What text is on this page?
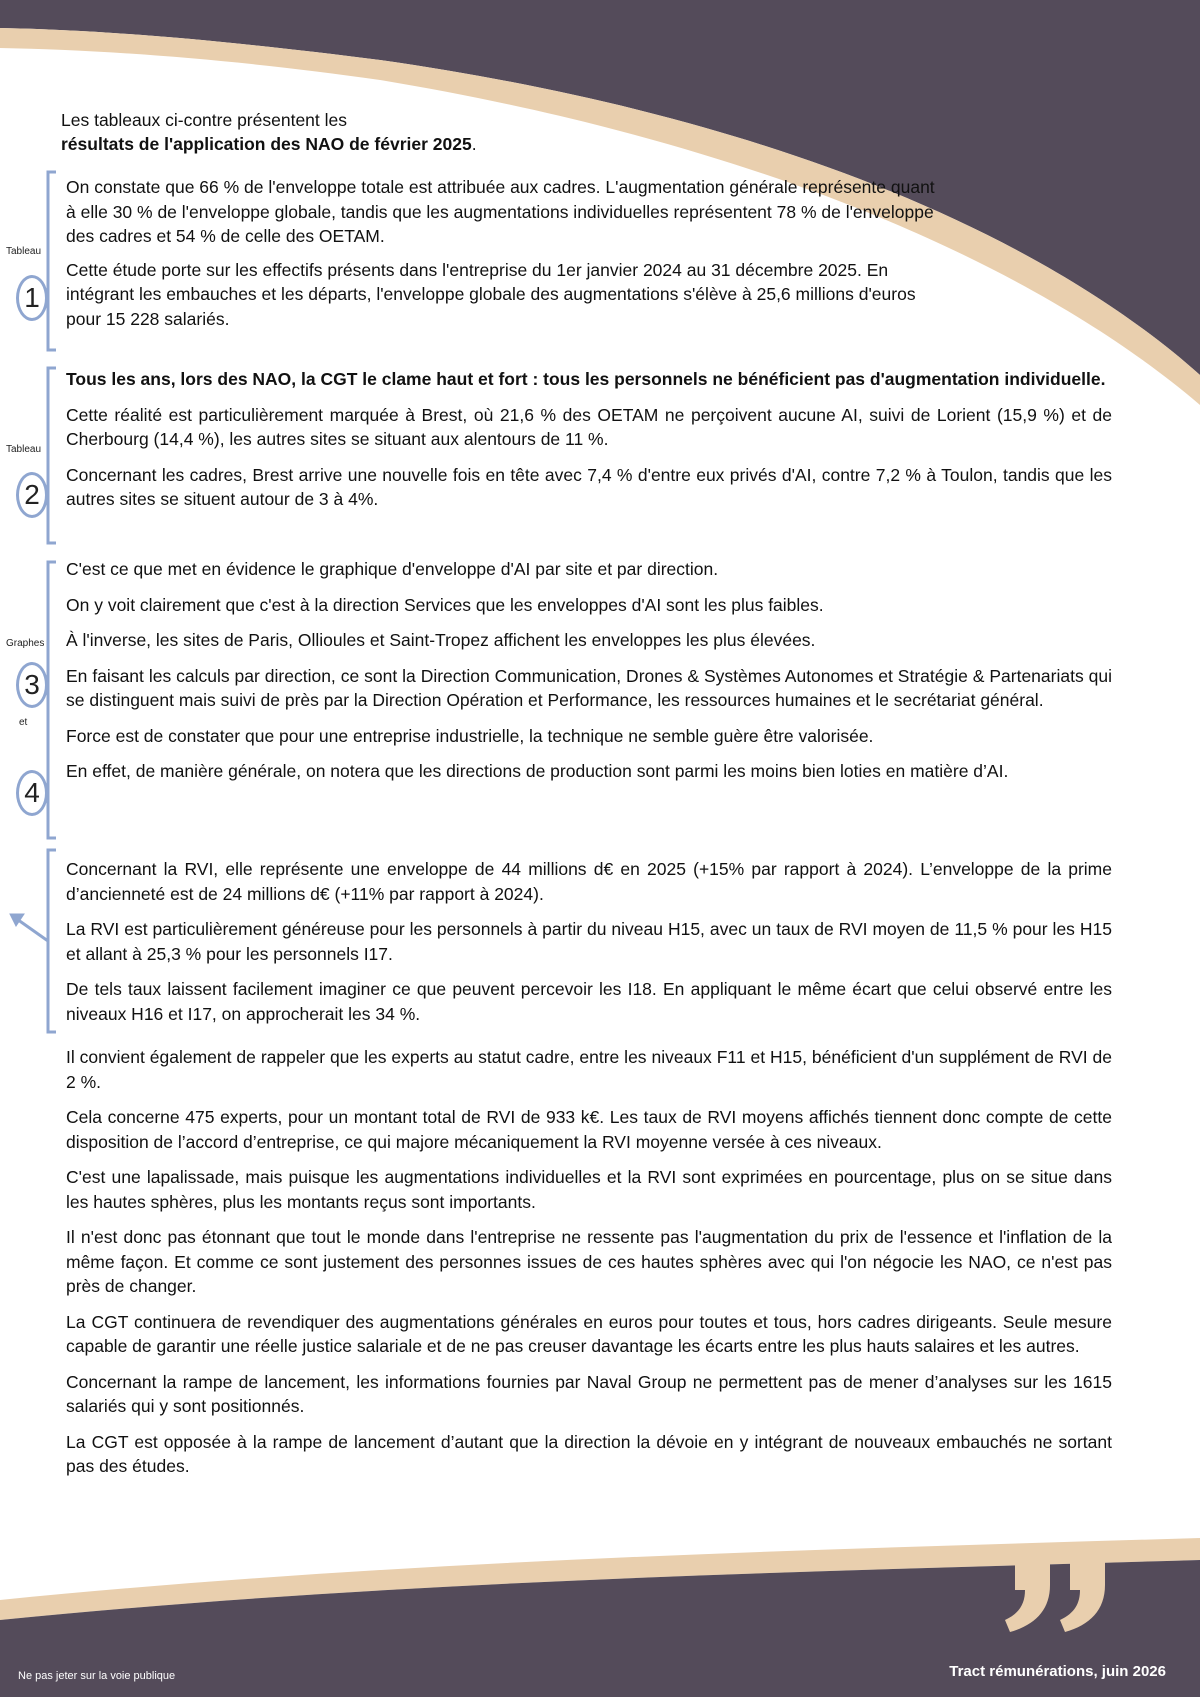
Les tableaux ci-contre présentent les
résultats de l'application des NAO de février 2025.
Tableau
1
Tableau
2
Graphes
3
et
4

On constate que 66 % de l'enveloppe totale est attribuée aux cadres. L'augmentation générale représente quant à elle 30 % de l'enveloppe globale, tandis que les augmentations individuelles représentent 78 % de l'enveloppe des cadres et 54 % de celle des OETAM.

Cette étude porte sur les effectifs présents dans l'entreprise du 1er janvier 2024 au 31 décembre 2025. En intégrant les embauches et les départs, l'enveloppe globale des augmentations s'élève à 25,6 millions d'euros pour 15 228 salariés.

Tous les ans, lors des NAO, la CGT le clame haut et fort : tous les personnels ne bénéficient pas d'augmentation individuelle.

Cette réalité est particulièrement marquée à Brest, où 21,6 % des OETAM ne perçoivent aucune AI, suivi de Lorient (15,9 %) et de Cherbourg (14,4 %), les autres sites se situant aux alentours de 11 %.

Concernant les cadres, Brest arrive une nouvelle fois en tête avec 7,4 % d'entre eux privés d'AI, contre 7,2 % à Toulon, tandis que les autres sites se situent autour de 3 à 4%.

C'est ce que met en évidence le graphique d'enveloppe d'AI par site et par direction.

On y voit clairement que c'est à la direction Services que les enveloppes d'AI sont les plus faibles.

À l'inverse, les sites de Paris, Ollioules et Saint-Tropez affichent les enveloppes les plus élevées.

En faisant les calculs par direction, ce sont la Direction Communication, Drones & Systèmes Autonomes et Stratégie & Partenariats qui se distinguent mais suivi de près par la Direction Opération et Performance, les ressources humaines et le secrétariat général.

Force est de constater que pour une entreprise industrielle, la technique ne semble guère être valorisée.

En effet, de manière générale, on notera que les directions de production sont parmi les moins bien loties en matière d’AI.

Concernant la RVI, elle représente une enveloppe de 44 millions d€ en 2025 (+15% par rapport à 2024). L’enveloppe de la prime d’ancienneté est de 24 millions d€ (+11% par rapport à 2024).

La RVI est particulièrement généreuse pour les personnels à partir du niveau H15, avec un taux de RVI moyen de 11,5 % pour les H15 et allant à 25,3 % pour les personnels I17.

De tels taux laissent facilement imaginer ce que peuvent percevoir les I18. En appliquant le même écart que celui observé entre les niveaux H16 et I17, on approcherait les 34 %.

Il convient également de rappeler que les experts au statut cadre, entre les niveaux F11 et H15, bénéficient d'un supplément de RVI de 2 %.

Cela concerne 475 experts, pour un montant total de RVI de 933 k€. Les taux de RVI moyens affichés tiennent donc compte de cette disposition de l’accord d’entreprise, ce qui majore mécaniquement la RVI moyenne versée à ces niveaux.

C'est une lapalissade, mais puisque les augmentations individuelles et la RVI sont exprimées en pourcentage, plus on se situe dans les hautes sphères, plus les montants reçus sont importants.

Il n'est donc pas étonnant que tout le monde dans l'entreprise ne ressente pas l'augmentation du prix de l'essence et l'inflation de la même façon. Et comme ce sont justement des personnes issues de ces hautes sphères avec qui l'on négocie les NAO, ce n'est pas près de changer.

La CGT continuera de revendiquer des augmentations générales en euros pour toutes et tous, hors cadres dirigeants. Seule mesure capable de garantir une réelle justice salariale et de ne pas creuser davantage les écarts entre les plus hauts salaires et les autres.

Concernant la rampe de lancement, les informations fournies par Naval Group ne permettent pas de mener d’analyses sur les 1615 salariés qui y sont positionnés.

La CGT est opposée à la rampe de lancement d’autant que la direction la dévoie en y intégrant de nouveaux embauchés ne sortant pas des études.

Ne pas jeter sur la voie publique	Tract rémunérations, juin 2026
